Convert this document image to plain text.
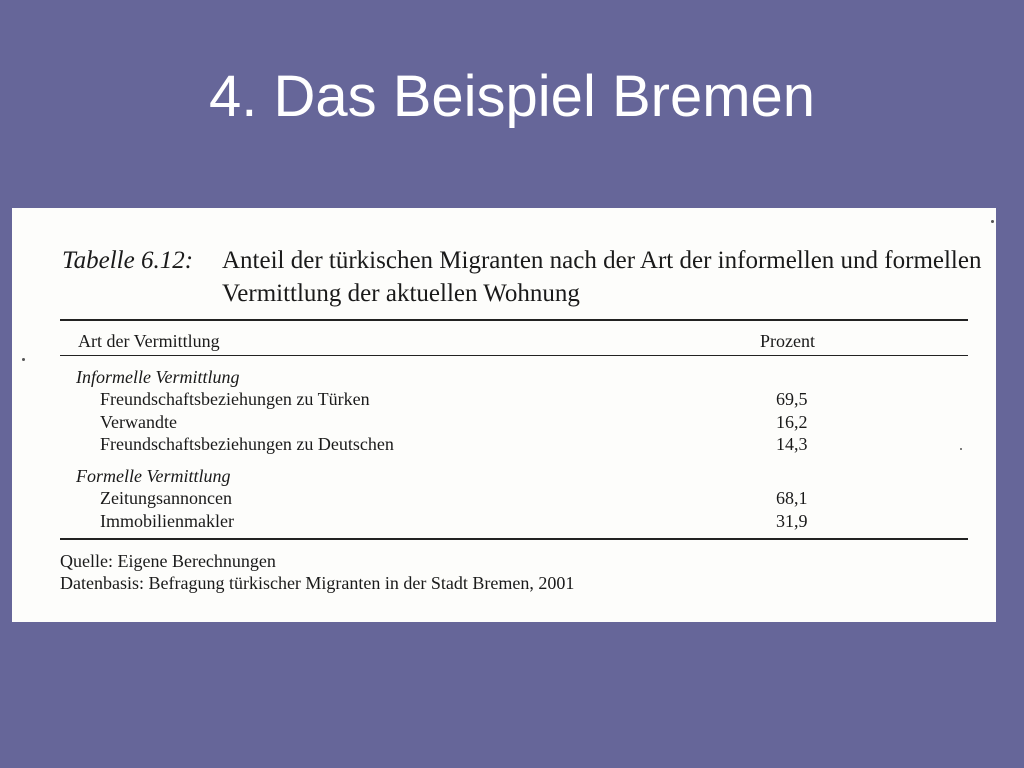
4. Das Beispiel Bremen
Tabelle 6.12: Anteil der türkischen Migranten nach der Art der informellen und formellen Vermittlung der aktuellen Wohnung
Art der Vermittlung	Prozent
Informelle Vermittlung
Freundschaftsbeziehungen zu Türken	69,5
Verwandte	16,2
Freundschaftsbeziehungen zu Deutschen	14,3
Formelle Vermittlung
Zeitungsannoncen	68,1
Immobilienmakler	31,9
Quelle: Eigene Berechnungen
Datenbasis: Befragung türkischer Migranten in der Stadt Bremen, 2001
